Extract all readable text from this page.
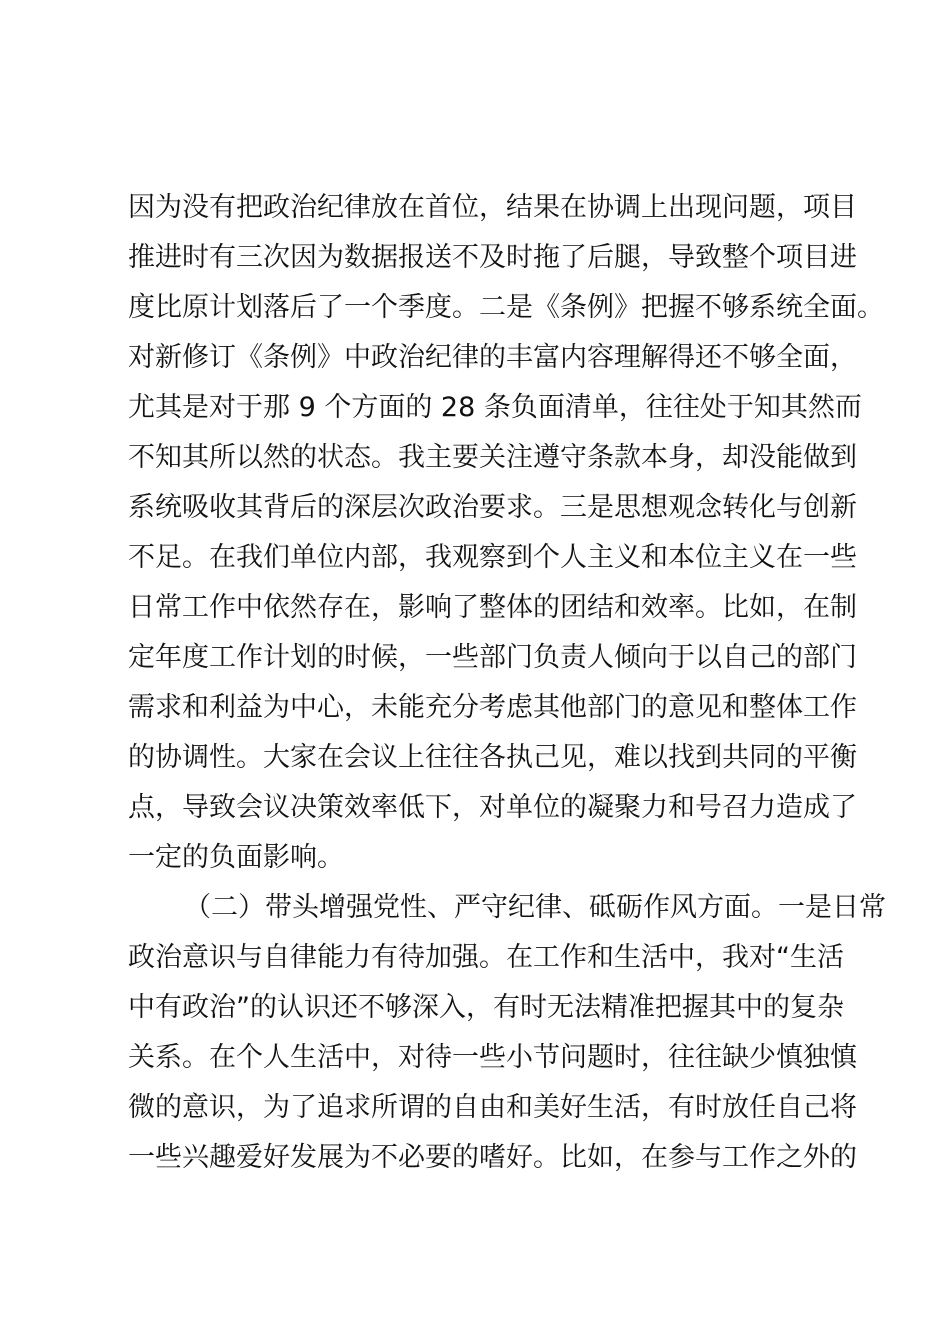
因为没有把政治纪律放在首位，结果在协调上出现问题，项目
推进时有三次因为数据报送不及时拖了后腿，导致整个项目进
度比原计划落后了一个季度。二是《条例》把握不够系统全面。
对新修订《条例》中政治纪律的丰富内容理解得还不够全面，
尤其是对于那 9 个方面的 28 条负面清单，往往处于知其然而
不知其所以然的状态。我主要关注遵守条款本身，却没能做到
系统吸收其背后的深层次政治要求。三是思想观念转化与创新
不足。在我们单位内部，我观察到个人主义和本位主义在一些
日常工作中依然存在，影响了整体的团结和效率。比如，在制
定年度工作计划的时候，一些部门负责人倾向于以自己的部门
需求和利益为中心，未能充分考虑其他部门的意见和整体工作
的协调性。大家在会议上往往各执己见，难以找到共同的平衡
点，导致会议决策效率低下，对单位的凝聚力和号召力造成了
一定的负面影响。
（二）带头增强党性、严守纪律、砥砺作风方面。一是日常
政治意识与自律能力有待加强。在工作和生活中，我对“生活
中有政治”的认识还不够深入，有时无法精准把握其中的复杂
关系。在个人生活中，对待一些小节问题时，往往缺少慎独慎
微的意识，为了追求所谓的自由和美好生活，有时放任自己将
一些兴趣爱好发展为不必要的嗜好。比如，在参与工作之外的
